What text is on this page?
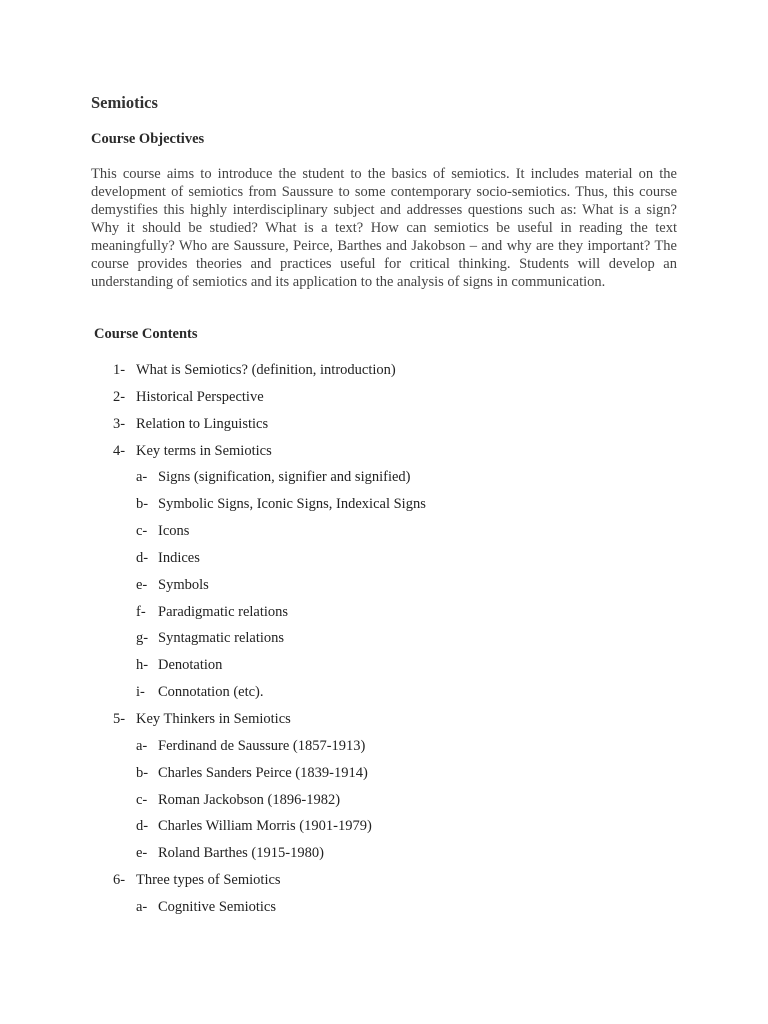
Semiotics
Course Objectives

This course aims to introduce the student to the basics of semiotics. It includes material on the development of semiotics from Saussure to some contemporary socio-semiotics. Thus, this course demystifies this highly interdisciplinary subject and addresses questions such as: What is a sign? Why it should be studied? What is a text? How can semiotics be useful in reading the text meaningfully? Who are Saussure, Peirce, Barthes and Jakobson – and why are they important? The course provides theories and practices useful for critical thinking. Students will develop an understanding of semiotics and its application to the analysis of signs in communication.

Course Contents
1- What is Semiotics? (definition, introduction)
2- Historical Perspective
3- Relation to Linguistics
4- Key terms in Semiotics
a- Signs (signification, signifier and signified)
b- Symbolic Signs, Iconic Signs, Indexical Signs
c- Icons
d- Indices
e- Symbols
f- Paradigmatic relations
g- Syntagmatic relations
h- Denotation
i- Connotation (etc).
5- Key Thinkers in Semiotics
a- Ferdinand de Saussure (1857-1913)
b- Charles Sanders Peirce (1839-1914)
c- Roman Jackobson (1896-1982)
d- Charles William Morris (1901-1979)
e- Roland Barthes (1915-1980)
6- Three types of Semiotics
a- Cognitive Semiotics
